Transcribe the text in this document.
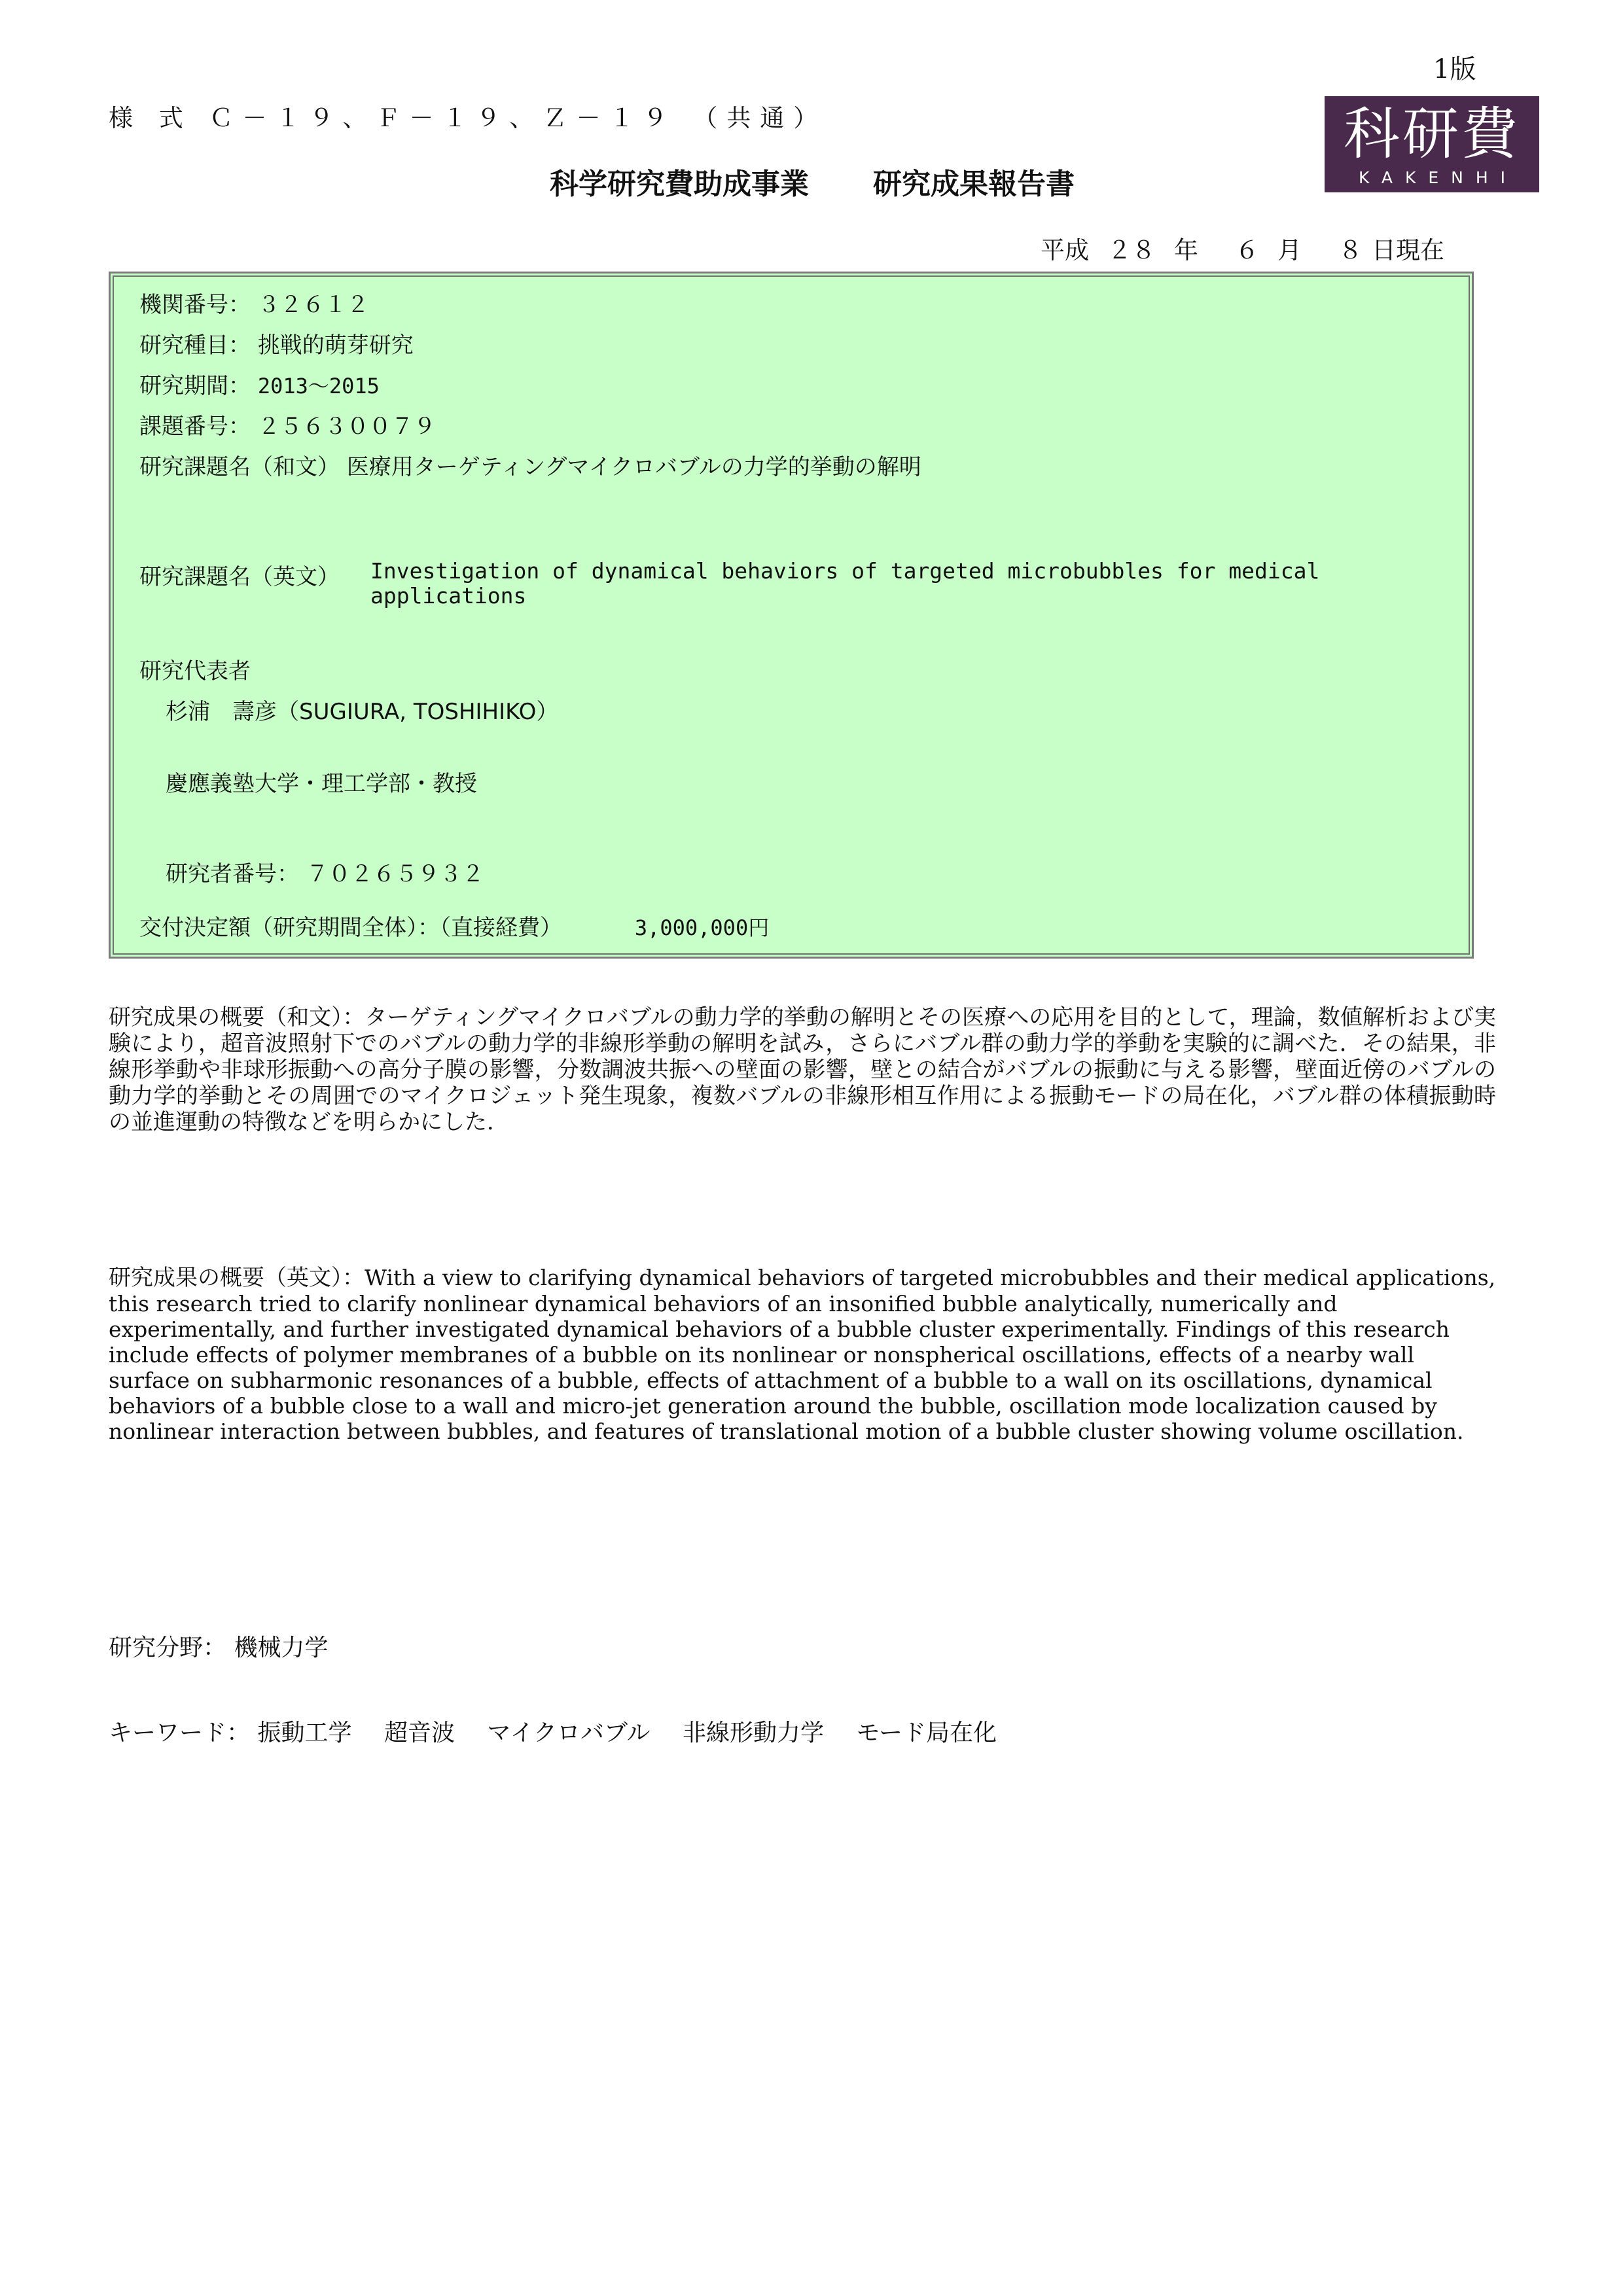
1版
様 式 Ｃ－１９、Ｆ－１９、Ｚ－１９ （共通）	科研費
KAKENHI
科学研究費助成事業 研究成果報告書
平成 ２８ 年 ６ 月 ８ 日現在
機関番号： ３２６１２
研究種目： 挑戦的萌芽研究
研究期間： 2013～2015
課題番号： ２５６３００７９
研究課題名（和文） 医療用ターゲティングマイクロバブルの力学的挙動の解明
研究課題名（英文） Investigation of dynamical behaviors of targeted microbubbles for medical applications
研究代表者
杉浦　壽彦（SUGIURA, TOSHIHIKO）
慶應義塾大学・理工学部・教授
研究者番号： ７０２６５９３２
交付決定額（研究期間全体）：（直接経費）	3,000,000円
研究成果の概要（和文）：ターゲティングマイクロバブルの動力学的挙動の解明とその医療への応用を目的として，理論，数値解析および実験により，超音波照射下でのバブルの動力学的非線形挙動の解明を試み，さらにバブル群の動力学的挙動を実験的に調べた．その結果，非線形挙動や非球形振動への高分子膜の影響，分数調波共振への壁面の影響，壁との結合がバブルの振動に与える影響，壁面近傍のバブルの動力学的挙動とその周囲でのマイクロジェット発生現象，複数バブルの非線形相互作用による振動モードの局在化，バブル群の体積振動時の並進運動の特徴などを明らかにした．
研究成果の概要（英文）：With a view to clarifying dynamical behaviors of targeted microbubbles and their medical applications, this research tried to clarify nonlinear dynamical behaviors of an insonified bubble analytically, numerically and experimentally, and further investigated dynamical behaviors of a bubble cluster experimentally. Findings of this research include effects of polymer membranes of a bubble on its nonlinear or nonspherical oscillations, effects of a nearby wall surface on subharmonic resonances of a bubble, effects of attachment of a bubble to a wall on its oscillations, dynamical behaviors of a bubble close to a wall and micro-jet generation around the bubble, oscillation mode localization caused by nonlinear interaction between bubbles, and features of translational motion of a bubble cluster showing volume oscillation.
研究分野： 機械力学
キーワード： 振動工学 超音波 マイクロバブル 非線形動力学 モード局在化
